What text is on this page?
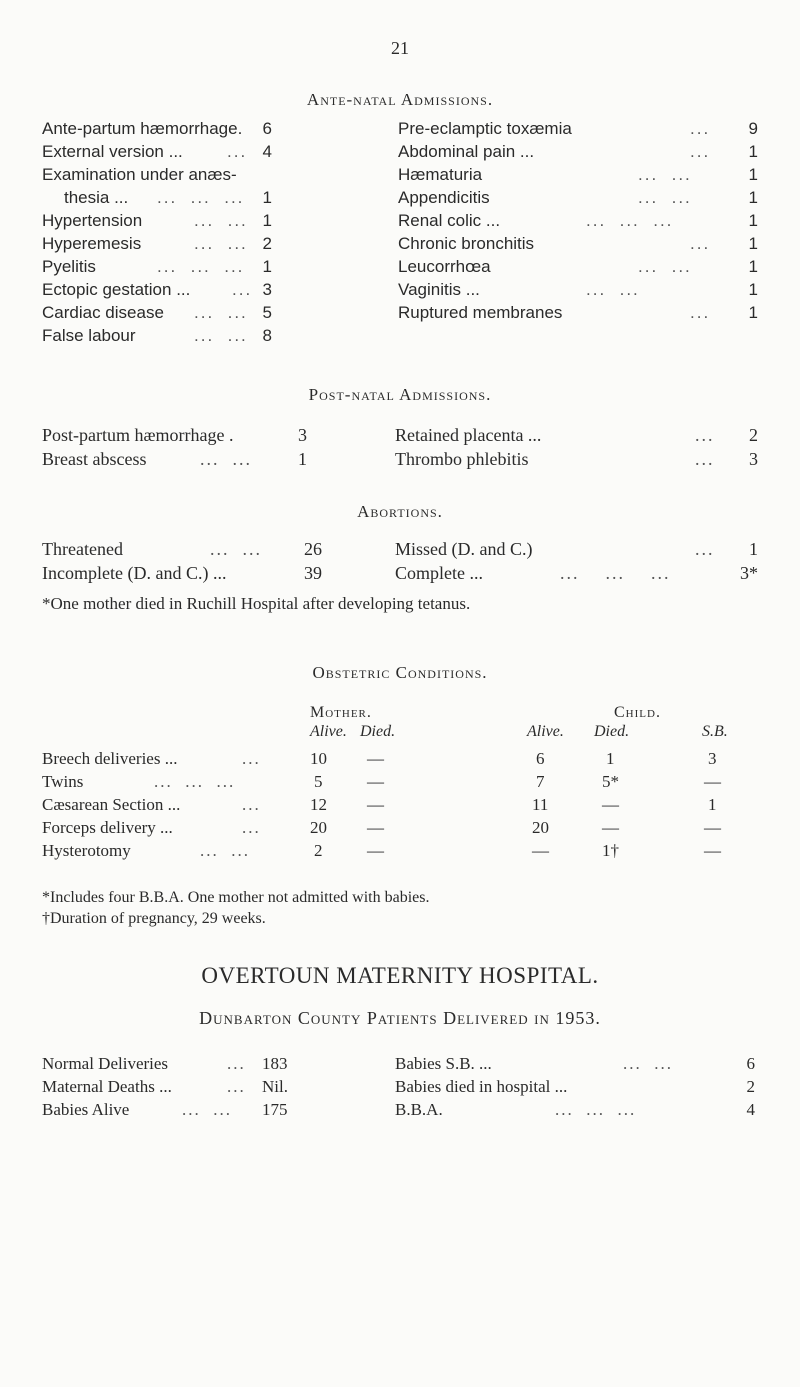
21
Ante-natal Admissions.
Ante-partum hæmorrhage.	6
External version ...	... 4
Examination under anæs-
thesia ... ...  ...  ...	1
Hypertension	...  ... 1
Hyperemesis	...  ... 2
Pyelitis	...  ...  ...	1
Ectopic gestation ... ... 3
Cardiac disease ...  ... 5
False labour	...  ... 8
Pre-eclamptic toxæmia	...	9
Abdominal pain ...	...	1
Hæmaturia	...  ...	1
Appendicitis	...  ...	1
Renal colic ...	...  ...  ...	1
Chronic bronchitis	...	1
Leucorrhœa	...  ...	1
Vaginitis ...	...  ...	1
Ruptured membranes	...	1
Post-natal Admissions.
Post-partum hæmorrhage .	3
Breast abscess	...  ...	1
Retained placenta ...	...	2
Thrombo phlebitis	...	3
Abortions.
Threatened	...  ...	26
Incomplete (D. and C.) ...	39
Missed (D. and C.)	...	1
Complete ...	...    ...    ...	3*
*One mother died in Ruchill Hospital after developing tetanus.
Obstetric Conditions.
Mother.	Child.
Alive. Died.	Alive. Died.	S.B.
Breech deliveries ...	...	10 —	6	1	3
Twins	...  ...  ...	5	—	7	5*	—
Cæsarean Section ...	...	12 —	11	—	1
Forceps delivery ...	...	20 —	20	—	—
Hysterotomy	...  ...	2	—	—	1†	—
*Includes four B.B.A. One mother not admitted with babies.
†Duration of pregnancy, 29 weeks.
OVERTOUN MATERNITY HOSPITAL.
Dunbarton County Patients Delivered in 1953.
Normal Deliveries	... 183
Maternal Deaths ...	... Nil.
Babies Alive	...  ... 175
Babies S.B. ...	...  ...	6
Babies died in hospital ...	2
B.B.A.	...  ...  ...	4
